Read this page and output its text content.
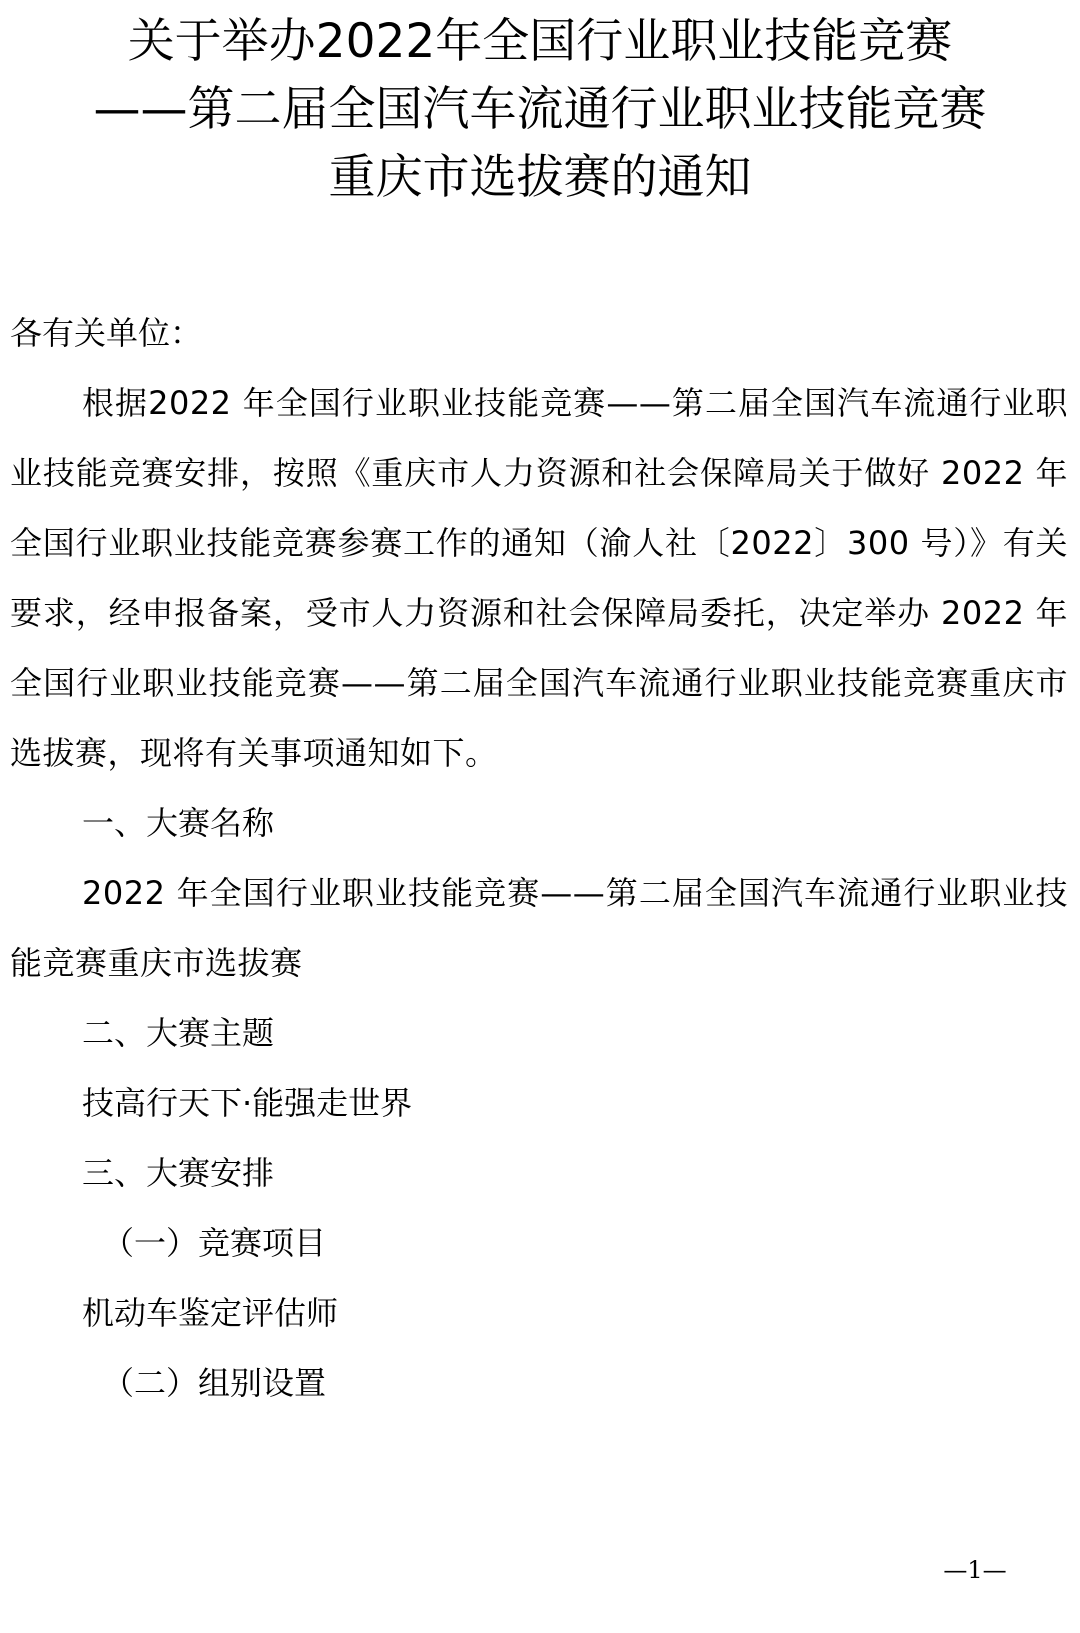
关于举办2022年全国行业职业技能竞赛
——第二届全国汽车流通行业职业技能竞赛
重庆市选拔赛的通知

各有关单位：

根据2022 年全国行业职业技能竞赛——第二届全国汽车流通行业职业技能竞赛安排，按照《重庆市人力资源和社会保障局关于做好 2022 年全国行业职业技能竞赛参赛工作的通知（渝人社〔2022〕300 号）》有关要求，经申报备案，受市人力资源和社会保障局委托，决定举办 2022 年全国行业职业技能竞赛——第二届全国汽车流通行业职业技能竞赛重庆市选拔赛，现将有关事项通知如下。

一、大赛名称

2022 年全国行业职业技能竞赛——第二届全国汽车流通行业职业技能竞赛重庆市选拔赛

二、大赛主题

技高行天下·能强走世界

三、大赛安排

（一）竞赛项目

机动车鉴定评估师

（二）组别设置

—1—
